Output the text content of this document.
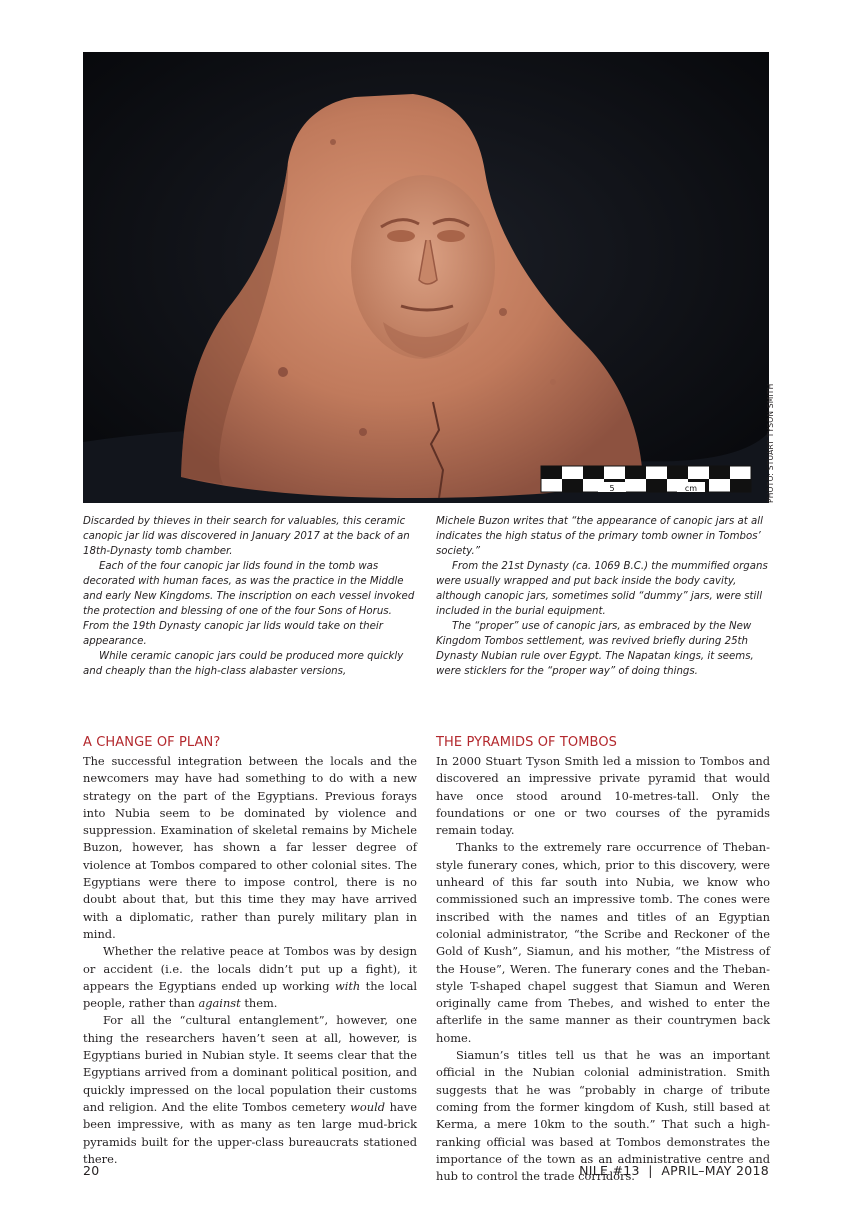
5	cm	PHOTO: STUART TYSON SMITH

Discarded by thieves in their search for valuables, this ceramic canopic jar lid was discovered in January 2017 at the back of an 18th-Dynasty tomb chamber.

Each of the four canopic jar lids found in the tomb was decorated with human faces, as was the practice in the Middle and early New Kingdoms. The inscription on each vessel invoked the protection and blessing of one of the four Sons of Horus. From the 19th Dynasty canopic jar lids would take on their appearance.

While ceramic canopic jars could be produced more quickly and cheaply than the high-class alabaster versions,

Michele Buzon writes that “the appearance of canopic jars at all indicates the high status of the primary tomb owner in Tombos’ society.”

From the 21st Dynasty (ca. 1069 B.C.) the mummified organs were usually wrapped and put back inside the body cavity, although canopic jars, sometimes solid “dummy” jars, were still included in the burial equipment.

The “proper” use of canopic jars, as embraced by the New Kingdom Tombos settlement, was revived briefly during 25th Dynasty Nubian rule over Egypt. The Napatan kings, it seems, were sticklers for the “proper way” of doing things.

A CHANGE OF PLAN?

The successful integration between the locals and the newcomers may have had something to do with a new strategy on the part of the Egyptians. Previous forays into Nubia seem to be dominated by violence and suppression. Examination of skeletal remains by Michele Buzon, however, has shown a far lesser degree of violence at Tombos compared to other colonial sites. The Egyptians were there to impose control, there is no doubt about that, but this time they may have arrived with a diplomatic, rather than purely military plan in mind.

Whether the relative peace at Tombos was by design or accident (i.e. the locals didn’t put up a fight), it appears the Egyptians ended up working with the local people, rather than against them.

For all the “cultural entanglement”, however, one thing the researchers haven’t seen at all, however, is Egyptians buried in Nubian style. It seems clear that the Egyptians arrived from a dominant political position, and quickly impressed on the local population their customs and religion. And the elite Tombos cemetery would have been impressive, with as many as ten large mud-brick pyramids built for the upper-class bureaucrats stationed there.

THE PYRAMIDS OF TOMBOS

In 2000 Stuart Tyson Smith led a mission to Tombos and discovered an impressive private pyramid that would have once stood around 10-metres-tall. Only the foundations or one or two courses of the pyramids remain today.

Thanks to the extremely rare occurrence of Theban-style funerary cones, which, prior to this discovery, were unheard of this far south into Nubia, we know who commissioned such an impressive tomb. The cones were inscribed with the names and titles of an Egyptian colonial administrator, “the Scribe and Reckoner of the Gold of Kush”, Siamun, and his mother, “the Mistress of the House”, Weren. The funerary cones and the Theban-style T-shaped chapel suggest that Siamun and Weren originally came from Thebes, and wished to enter the afterlife in the same manner as their countrymen back home.

Siamun’s titles tell us that he was an important official in the Nubian colonial administration. Smith suggests that he was “probably in charge of tribute coming from the former kingdom of Kush, still based at Kerma, a mere 10km to the south.” That such a high-ranking official was based at Tombos demonstrates the importance of the town as an administrative centre and hub to control the trade corridors.

20	NILE #13  |  APRIL–MAY 2018
